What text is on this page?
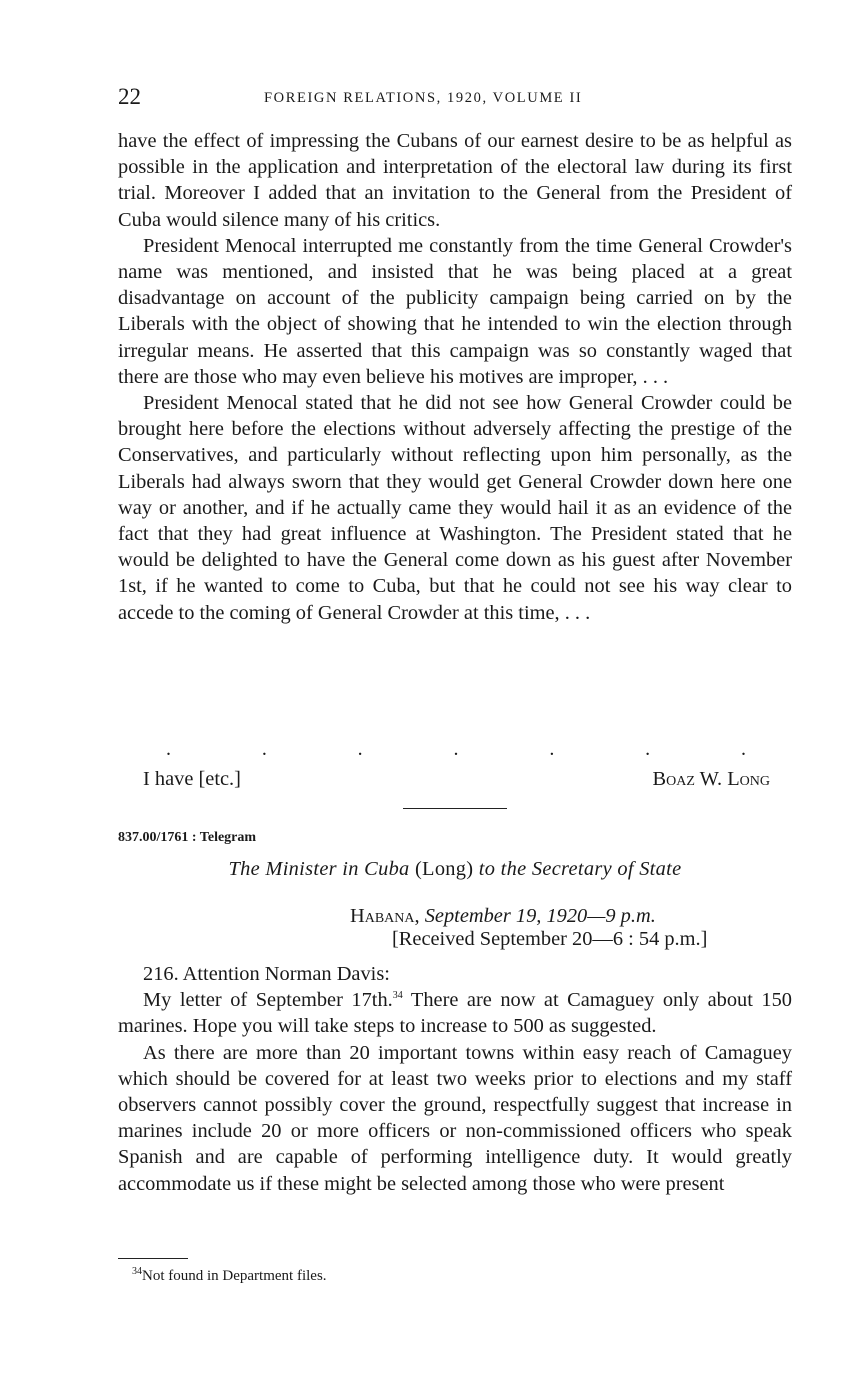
22	FOREIGN RELATIONS, 1920, VOLUME II

have the effect of impressing the Cubans of our earnest desire to be as helpful as possible in the application and interpretation of the electoral law during its first trial. Moreover I added that an invitation to the General from the President of Cuba would silence many of his critics.

President Menocal interrupted me constantly from the time General Crowder's name was mentioned, and insisted that he was being placed at a great disadvantage on account of the publicity campaign being carried on by the Liberals with the object of showing that he intended to win the election through irregular means. He asserted that this campaign was so constantly waged that there are those who may even believe his motives are improper, . . .

President Menocal stated that he did not see how General Crowder could be brought here before the elections without adversely affecting the prestige of the Conservatives, and particularly without reflecting upon him personally, as the Liberals had always sworn that they would get General Crowder down here one way or another, and if he actually came they would hail it as an evidence of the fact that they had great influence at Washington. The President stated that he would be delighted to have the General come down as his guest after November 1st, if he wanted to come to Cuba, but that he could not see his way clear to accede to the coming of General Crowder at this time, . . .

.	.	.	.	.	.	.
I have [etc.]	Boaz W. Long
837.00/1761 : Telegram
The Minister in Cuba (Long) to the Secretary of State
Habana, September 19, 1920—9 p.m.
[Received September 20—6 : 54 p.m.]

216. Attention Norman Davis:

My letter of September 17th.$^{34}$ There are now at Camaguey only about 150 marines. Hope you will take steps to increase to 500 as suggested.

As there are more than 20 important towns within easy reach of Camaguey which should be covered for at least two weeks prior to elections and my staff observers cannot possibly cover the ground, respectfully suggest that increase in marines include 20 or more officers or non-commissioned officers who speak Spanish and are capable of performing intelligence duty. It would greatly accommodate us if these might be selected among those who were present

$^{34}$Not found in Department files.
